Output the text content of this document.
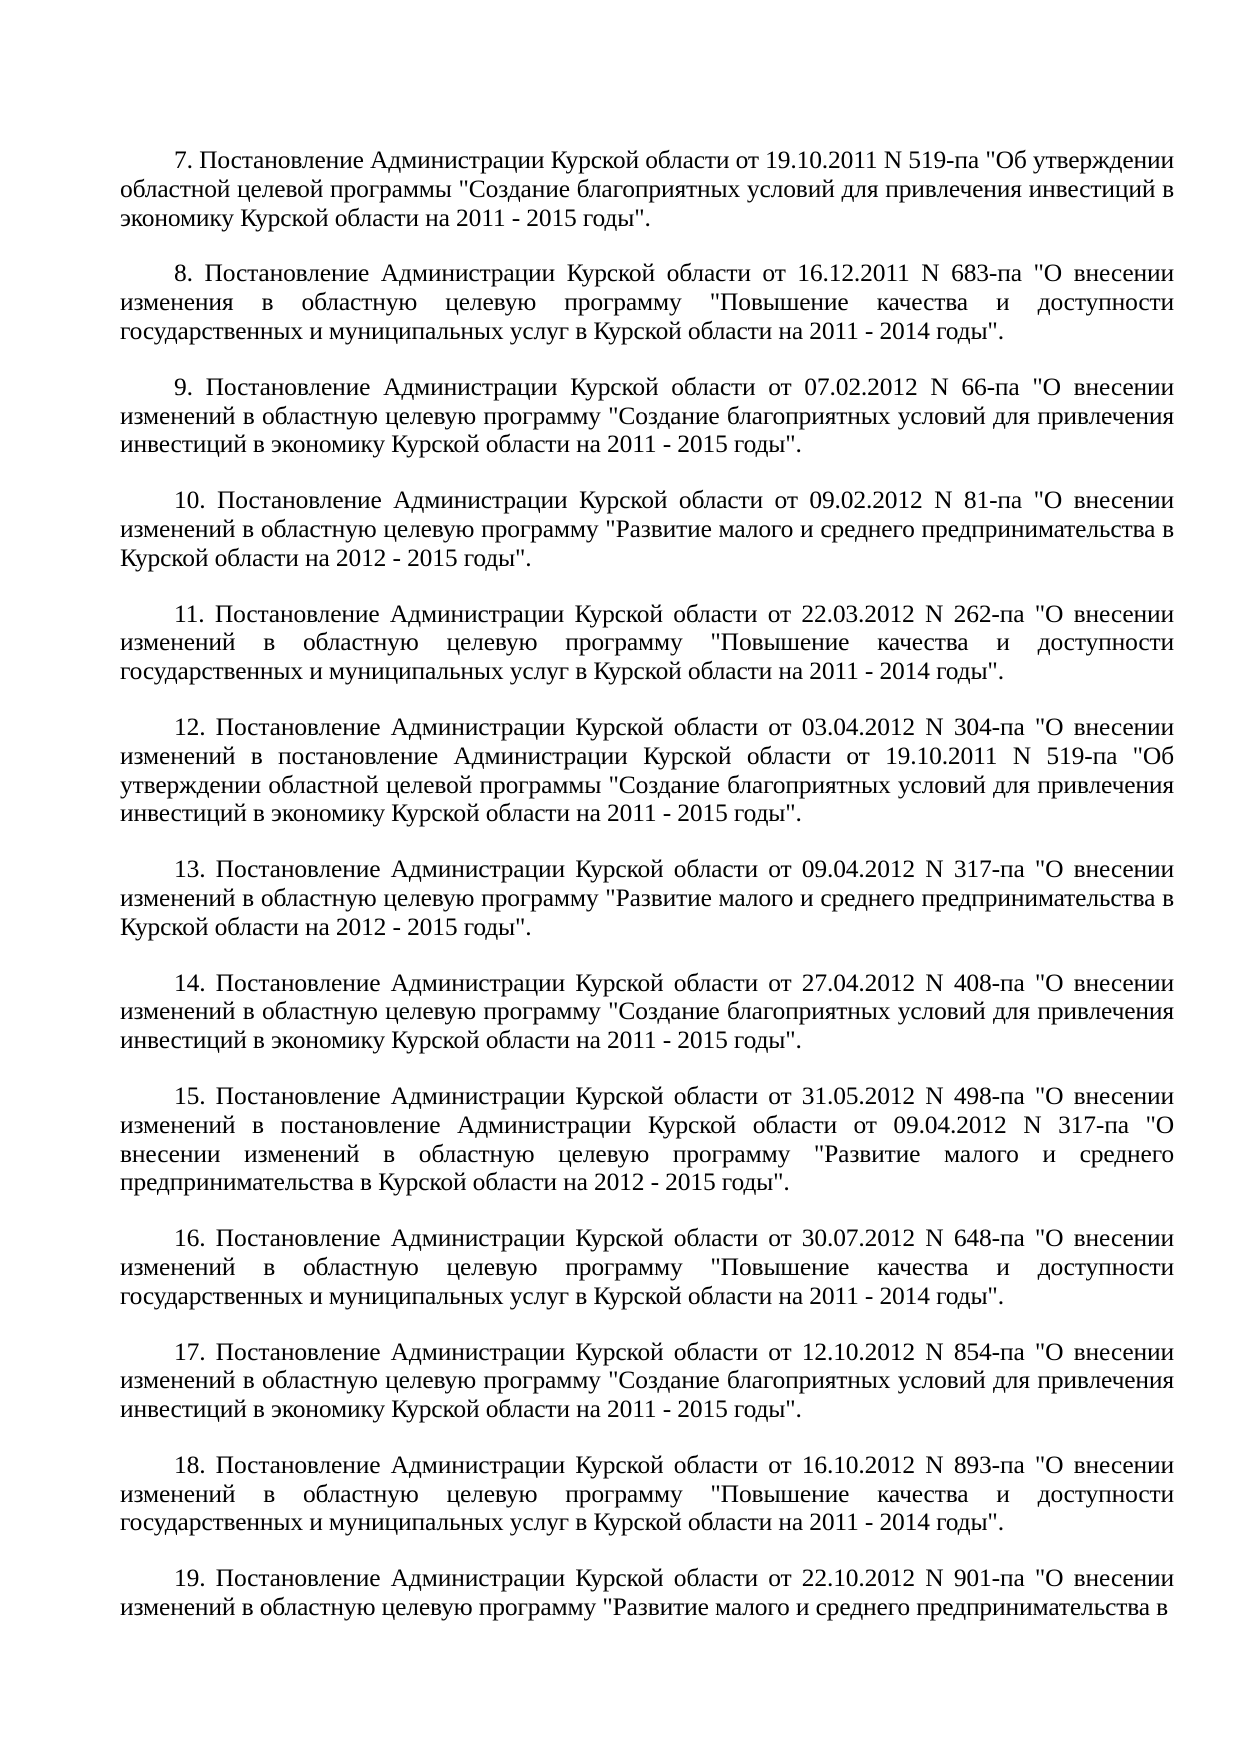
7. Постановление Администрации Курской области от 19.10.2011 N 519-па "Об утверждении областной целевой программы "Создание благоприятных условий для привлечения инвестиций в экономику Курской области на 2011 - 2015 годы".

8. Постановление Администрации Курской области от 16.12.2011 N 683-па "О внесении изменения в областную целевую программу "Повышение качества и доступности государственных и муниципальных услуг в Курской области на 2011 - 2014 годы".

9. Постановление Администрации Курской области от 07.02.2012 N 66-па "О внесении изменений в областную целевую программу "Создание благоприятных условий для привлечения инвестиций в экономику Курской области на 2011 - 2015 годы".

10. Постановление Администрации Курской области от 09.02.2012 N 81-па "О внесении изменений в областную целевую программу "Развитие малого и среднего предпринимательства в Курской области на 2012 - 2015 годы".

11. Постановление Администрации Курской области от 22.03.2012 N 262-па "О внесении изменений в областную целевую программу "Повышение качества и доступности государственных и муниципальных услуг в Курской области на 2011 - 2014 годы".

12. Постановление Администрации Курской области от 03.04.2012 N 304-па "О внесении изменений в постановление Администрации Курской области от 19.10.2011 N 519-па "Об утверждении областной целевой программы "Создание благоприятных условий для привлечения инвестиций в экономику Курской области на 2011 - 2015 годы".

13. Постановление Администрации Курской области от 09.04.2012 N 317-па "О внесении изменений в областную целевую программу "Развитие малого и среднего предпринимательства в Курской области на 2012 - 2015 годы".

14. Постановление Администрации Курской области от 27.04.2012 N 408-па "О внесении изменений в областную целевую программу "Создание благоприятных условий для привлечения инвестиций в экономику Курской области на 2011 - 2015 годы".

15. Постановление Администрации Курской области от 31.05.2012 N 498-па "О внесении изменений в постановление Администрации Курской области от 09.04.2012 N 317-па "О внесении изменений в областную целевую программу "Развитие малого и среднего предпринимательства в Курской области на 2012 - 2015 годы".

16. Постановление Администрации Курской области от 30.07.2012 N 648-па "О внесении изменений в областную целевую программу "Повышение качества и доступности государственных и муниципальных услуг в Курской области на 2011 - 2014 годы".

17. Постановление Администрации Курской области от 12.10.2012 N 854-па "О внесении изменений в областную целевую программу "Создание благоприятных условий для привлечения инвестиций в экономику Курской области на 2011 - 2015 годы".

18. Постановление Администрации Курской области от 16.10.2012 N 893-па "О внесении изменений в областную целевую программу "Повышение качества и доступности государственных и муниципальных услуг в Курской области на 2011 - 2014 годы".

19. Постановление Администрации Курской области от 22.10.2012 N 901-па "О внесении изменений в областную целевую программу "Развитие малого и среднего предпринимательства в
